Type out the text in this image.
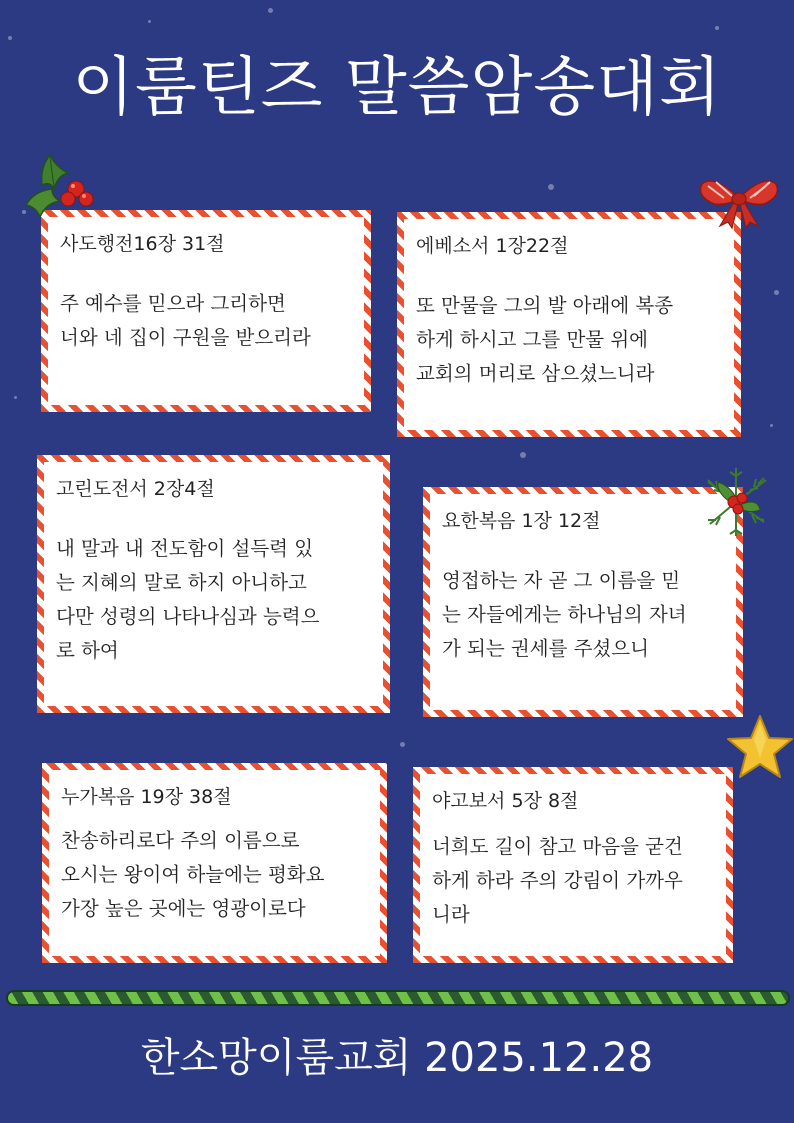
이룸틴즈 말씀암송대회
사도행전16장 31절
주 예수를 믿으라 그리하면
너와 네 집이 구원을 받으리라
에베소서 1장22절
또 만물을 그의 발 아래에 복종
하게 하시고 그를 만물 위에
교회의 머리로 삼으셨느니라
고린도전서 2장4절
내 말과 내 전도함이 설득력 있
는 지혜의 말로 하지 아니하고
다만 성령의 나타나심과 능력으
로 하여
요한복음 1장 12절
영접하는 자 곧 그 이름을 믿
는 자들에게는 하나님의 자녀
가 되는 권세를 주셨으니
누가복음 19장 38절
찬송하리로다 주의 이름으로
오시는 왕이여 하늘에는 평화요
가장 높은 곳에는 영광이로다
야고보서 5장 8절
너희도 길이 참고 마음을 굳건
하게 하라 주의 강림이 가까우
니라
한소망이룸교회 2025.12.28
